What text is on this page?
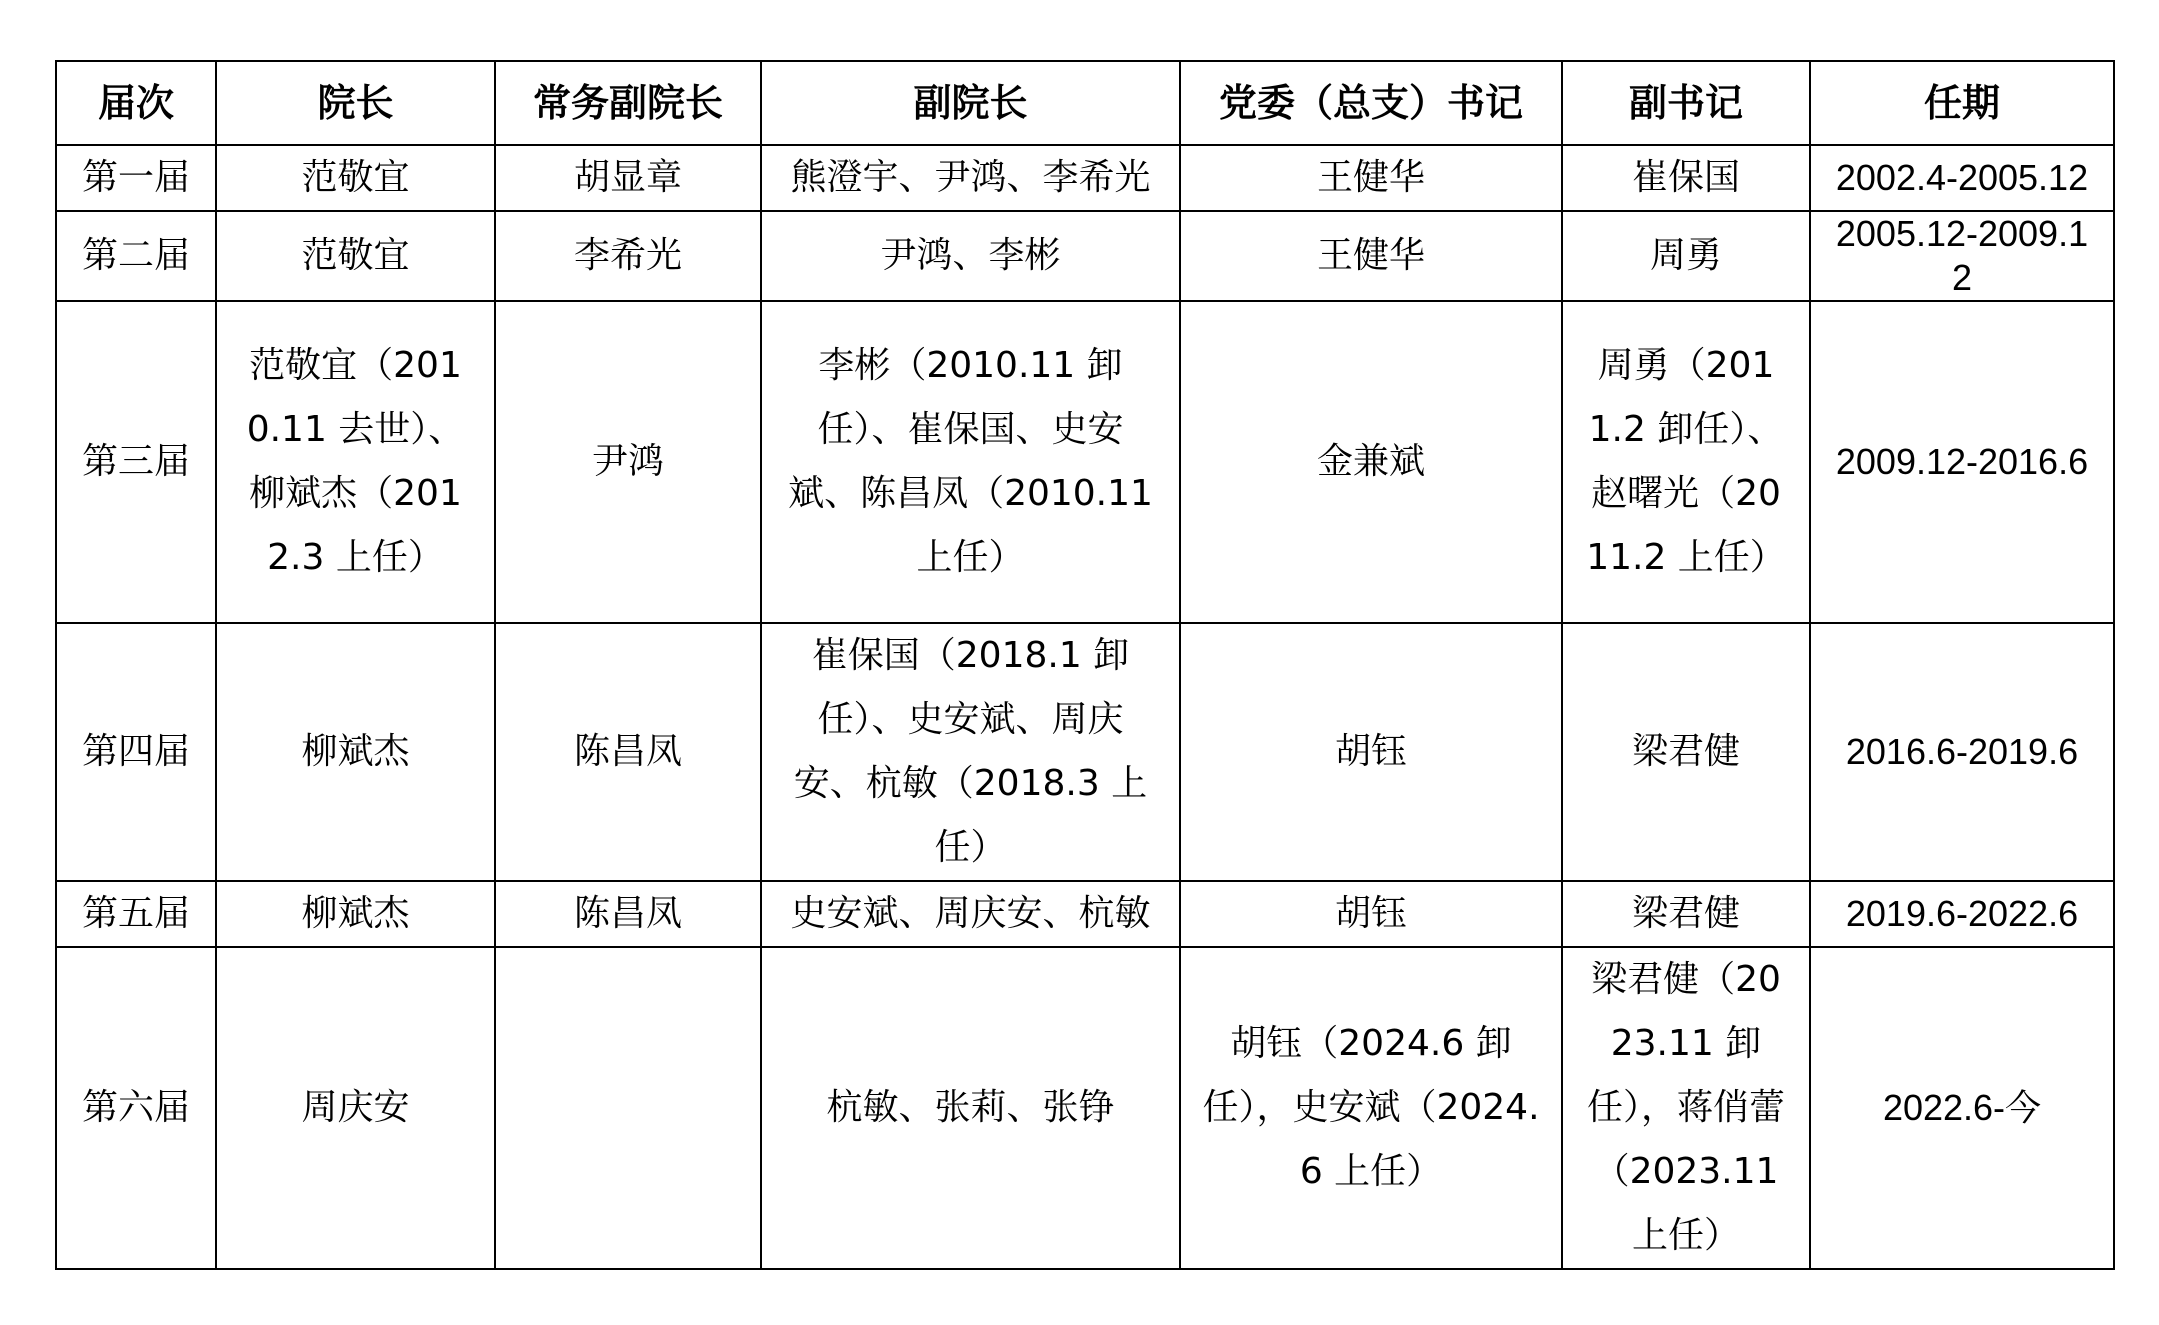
届次	院长	常务副院长	副院长	党委（总支）书记	副书记	任期
第一届	范敬宜	胡显章	熊澄宇、尹鸿、李希光	王健华	崔保国	2002.4-2005.12
第二届	范敬宜	李希光	尹鸿、李彬	王健华	周勇	2005.12-2009.12
第三届	范敬宜（2010.11 去世）、柳斌杰（2012.3 上任）	尹鸿	李彬（2010.11 卸任）、崔保国、史安斌、陈昌凤（2010.11 上任）	金兼斌	周勇（2011.2 卸任）、赵曙光（2011.2 上任）	2009.12-2016.6
第四届	柳斌杰	陈昌凤	崔保国（2018.1 卸任）、史安斌、周庆安、杭敏（2018.3 上任）	胡钰	梁君健	2016.6-2019.6
第五届	柳斌杰	陈昌凤	史安斌、周庆安、杭敏	胡钰	梁君健	2019.6-2022.6
第六届	周庆安		杭敏、张莉、张铮	胡钰（2024.6 卸任），史安斌（2024.6 上任）	梁君健（2023.11 卸任），蒋俏蕾（2023.11 上任）	2022.6-今
